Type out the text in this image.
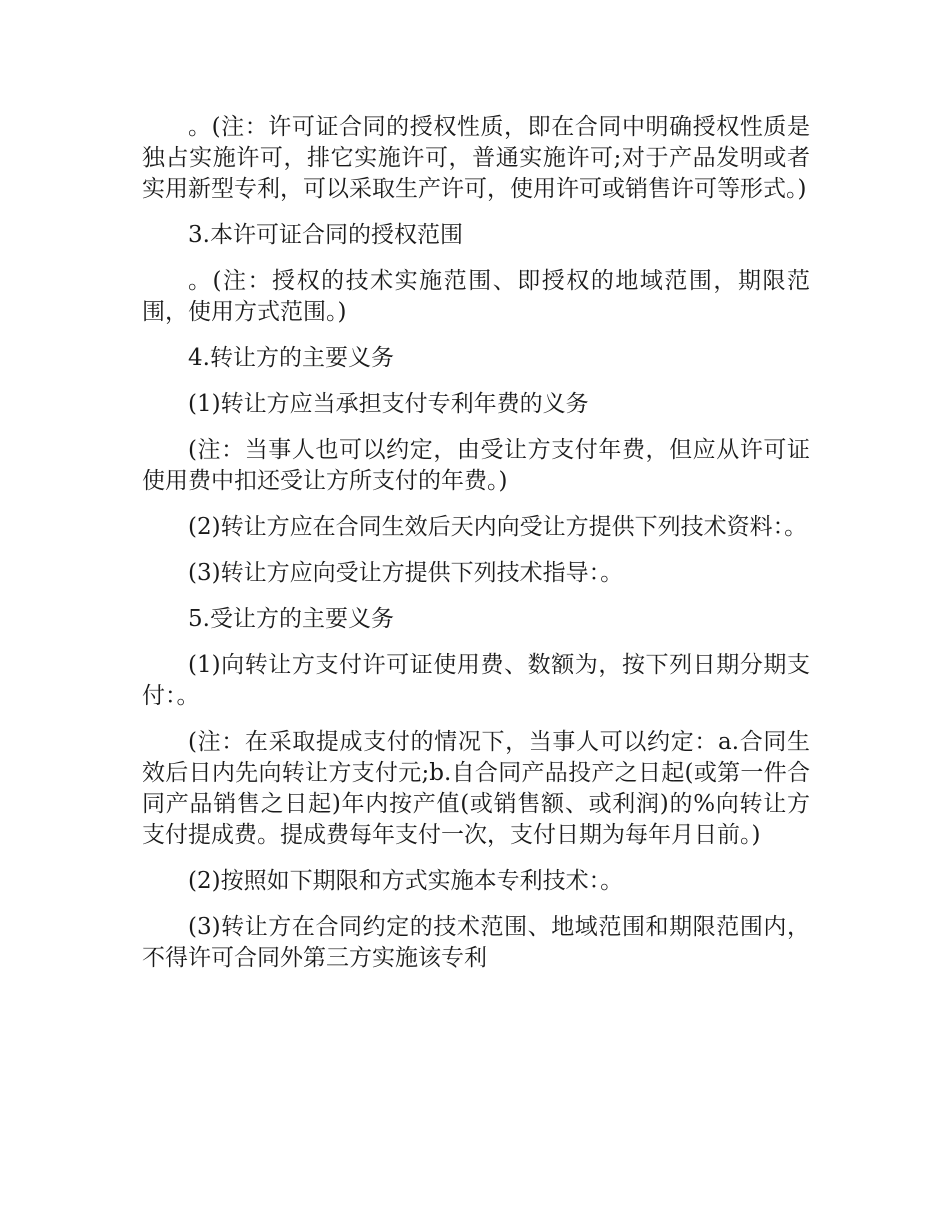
。(注：许可证合同的授权性质，即在合同中明确授权性质是独占实施许可，排它实施许可，普通实施许可;对于产品发明或者实用新型专利，可以采取生产许可，使用许可或销售许可等形式。)

3.本许可证合同的授权范围

。(注：授权的技术实施范围、即授权的地域范围，期限范围，使用方式范围。)

4.转让方的主要义务

(1)转让方应当承担支付专利年费的义务

(注：当事人也可以约定，由受让方支付年费，但应从许可证使用费中扣还受让方所支付的年费。)

(2)转让方应在合同生效后天内向受让方提供下列技术资料：。

(3)转让方应向受让方提供下列技术指导：。

5.受让方的主要义务

(1)向转让方支付许可证使用费、数额为，按下列日期分期支付：。

(注：在采取提成支付的情况下，当事人可以约定：a.合同生效后日内先向转让方支付元;b.自合同产品投产之日起(或第一件合同产品销售之日起)年内按产值(或销售额、或利润)的%向转让方支付提成费。提成费每年支付一次，支付日期为每年月日前。)

(2)按照如下期限和方式实施本专利技术：。

(3)转让方在合同约定的技术范围、地域范围和期限范围内，不得许可合同外第三方实施该专利
